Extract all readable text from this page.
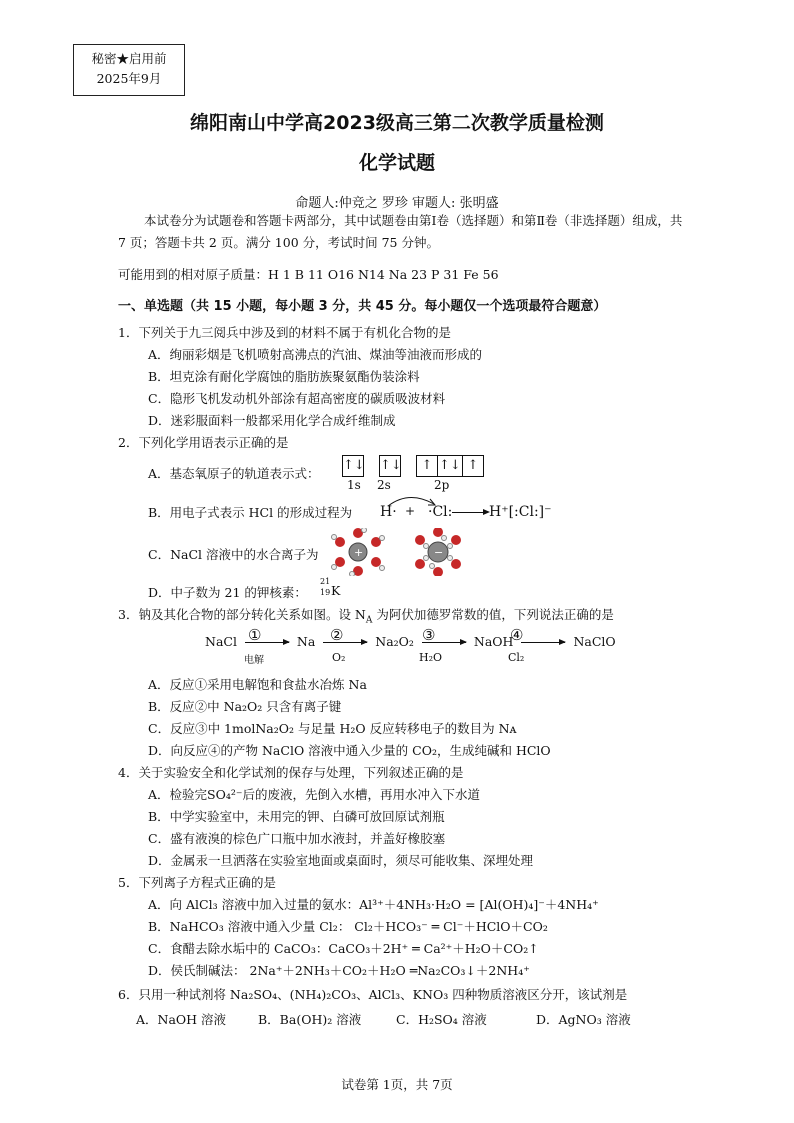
秘密★启用前
2025年9月
绵阳南山中学高2023级高三第二次教学质量检测
化学试题
命题人:仲竞之 罗珍 审题人: 张明盛
本试卷分为试题卷和答题卡两部分，其中试题卷由第Ⅰ卷（选择题）和第Ⅱ卷（非选择题）组成，共 7 页；答题卡共 2 页。满分 100 分，考试时间 75 分钟。
可能用到的相对原子质量：H 1 B 11 O16 N14 Na 23 P 31 Fe 56
一、单选题（共 15 小题，每小题 3 分，共 45 分。每小题仅一个选项最符合题意）
1．下列关于九三阅兵中涉及到的材料不属于有机化合物的是
A．绚丽彩烟是飞机喷射高沸点的汽油、煤油等油液而形成的
B．坦克涂有耐化学腐蚀的脂肪族聚氨酯伪装涂料
C．隐形飞机发动机外部涂有超高密度的碳质吸波材料
D．迷彩服面料一般都采用化学合成纤维制成
2．下列化学用语表示正确的是
A．基态氧原子的轨道表示式：
↑↓ ↑↓ ↑ ↑↓ ↑
1s 2s	2p
B．用电子式表示 HCl 的形成过程为 H· + ·Cl:	H⁺[:Cl:]⁻
C．NaCl 溶液中的水合离子为	+	−
D．中子数为 21 的钾核素：
21
19 K
3．钠及其化合物的部分转化关系如图。设 $N_A$ 为阿伏加德罗常数的值，下列说法正确的是
NaCl	Na	Na₂O₂	NaOH	NaClO
①
电解
②
O₂
③
H₂O
④
Cl₂
A．反应①采用电解饱和食盐水冶炼 Na
B．反应②中 Na₂O₂ 只含有离子键
C．反应③中 1molNa₂O₂ 与足量 H₂O 反应转移电子的数目为 Nᴀ
D．向反应④的产物 NaClO 溶液中通入少量的 CO₂，生成纯碱和 HClO
4．关于实验安全和化学试剂的保存与处理，下列叙述正确的是
A．检验完SO₄²⁻后的废液，先倒入水槽，再用水冲入下水道
B．中学实验室中，未用完的钾、白磷可放回原试剂瓶
C．盛有液溴的棕色广口瓶中加水液封，并盖好橡胶塞
D．金属汞一旦洒落在实验室地面或桌面时，须尽可能收集、深埋处理
5．下列离子方程式正确的是
A．向 AlCl₃ 溶液中加入过量的氨水：Al³⁺＋4NH₃·H₂O = [Al(OH)₄]⁻＋4NH₄⁺
B．NaHCO₃ 溶液中通入少量 Cl₂： Cl₂＋HCO₃⁻ ═ Cl⁻＋HClO＋CO₂
C．食醋去除水垢中的 CaCO₃：CaCO₃＋2H⁺ ═ Ca²⁺＋H₂O＋CO₂↑
D．侯氏制碱法： 2Na⁺＋2NH₃＋CO₂＋H₂O ═Na₂CO₃↓＋2NH₄⁺
6．只用一种试剂将 Na₂SO₄、(NH₄)₂CO₃、AlCl₃、KNO₃ 四种物质溶液区分开，该试剂是
A．NaOH 溶液	B．Ba(OH)₂ 溶液	C．H₂SO₄ 溶液	D．AgNO₃ 溶液
试卷第 1页，共 7页
